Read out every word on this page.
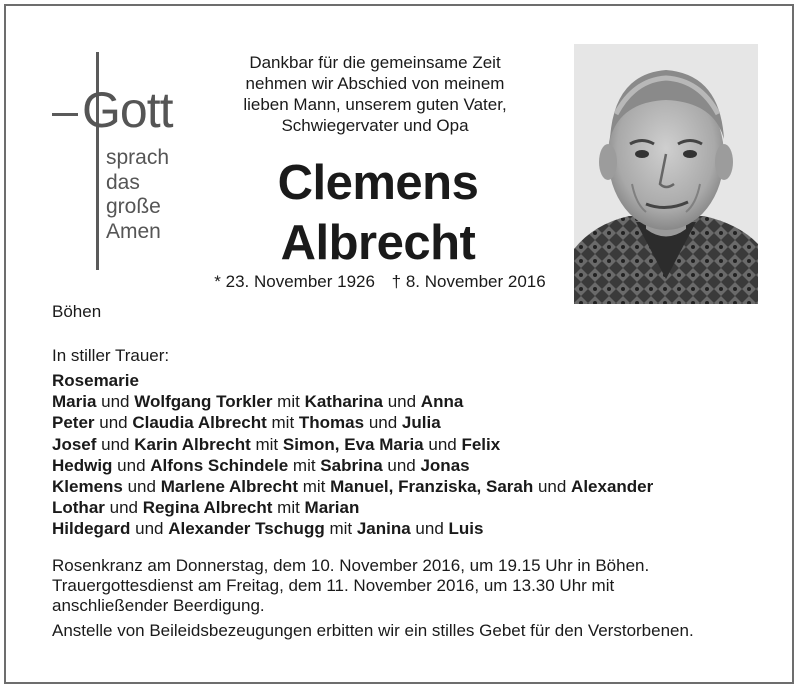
Gott
sprach
das
große
Amen
Dankbar für die gemeinsame Zeit
nehmen wir Abschied von meinem
lieben Mann, unserem guten Vater,
Schwiegervater und Opa
Clemens
Albrecht
* 23. November 1926 † 8. November 2016
Böhen
In stiller Trauer:
Rosemarie
Maria und Wolfgang Torkler mit Katharina und Anna
Peter und Claudia Albrecht mit Thomas und Julia
Josef und Karin Albrecht mit Simon, Eva Maria und Felix
Hedwig und Alfons Schindele mit Sabrina und Jonas
Klemens und Marlene Albrecht mit Manuel, Franziska, Sarah und Alexander
Lothar und Regina Albrecht mit Marian
Hildegard und Alexander Tschugg mit Janina und Luis
Rosenkranz am Donnerstag, dem 10. November 2016, um 19.15 Uhr in Böhen.
Trauergottesdienst am Freitag, dem 11. November 2016, um 13.30 Uhr mit
anschließender Beerdigung.
Anstelle von Beileidsbezeugungen erbitten wir ein stilles Gebet für den Verstorbenen.
